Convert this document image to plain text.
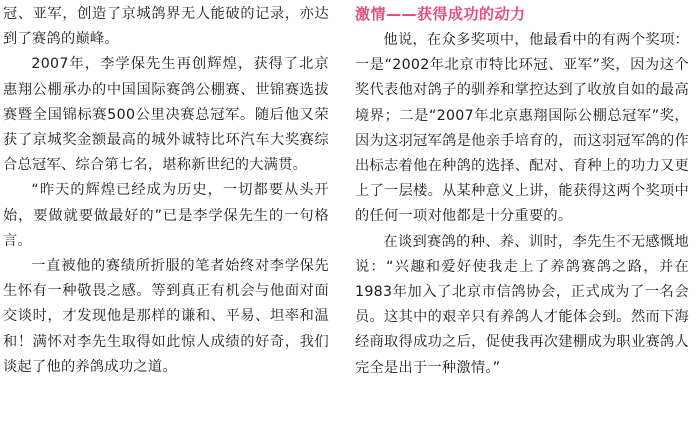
冠、亚军，创造了京城鸽界无人能破的记录，亦达到了赛鸽的巅峰。

2007年，李学保先生再创辉煌，获得了北京惠翔公棚承办的中国国际赛鸽公棚赛、世锦赛选拔赛暨全国锦标赛500公里决赛总冠军。随后他又荣获了京城奖金额最高的城外诚特比环汽车大奖赛综合总冠军、综合第七名，堪称新世纪的大满贯。

“昨天的辉煌已经成为历史，一切都要从头开始，要做就要做最好的”已是李学保先生的一句格言。

一直被他的赛绩所折服的笔者始终对李学保先生怀有一种敬畏之感。等到真正有机会与他面对面交谈时，才发现他是那样的谦和、平易、坦率和温和！满怀对李先生取得如此惊人成绩的好奇，我们谈起了他的养鸽成功之道。

激情——获得成功的动力

他说，在众多奖项中，他最看中的有两个奖项：一是“2002年北京市特比环冠、亚军”奖，因为这个奖代表他对鸽子的驯养和掌控达到了收放自如的最高境界；二是“2007年北京惠翔国际公棚总冠军”奖，因为这羽冠军鸽是他亲手培育的，而这羽冠军鸽的作出标志着他在种鸽的选择、配对、育种上的功力又更上了一层楼。从某种意义上讲，能获得这两个奖项中的任何一项对他都是十分重要的。

在谈到赛鸽的种、养、训时，李先生不无感慨地说：“兴趣和爱好使我走上了养鸽赛鸽之路，并在1983年加入了北京市信鸽协会，正式成为了一名会员。这其中的艰辛只有养鸽人才能体会到。然而下海经商取得成功之后，促使我再次建棚成为职业赛鸽人完全是出于一种激情。”
